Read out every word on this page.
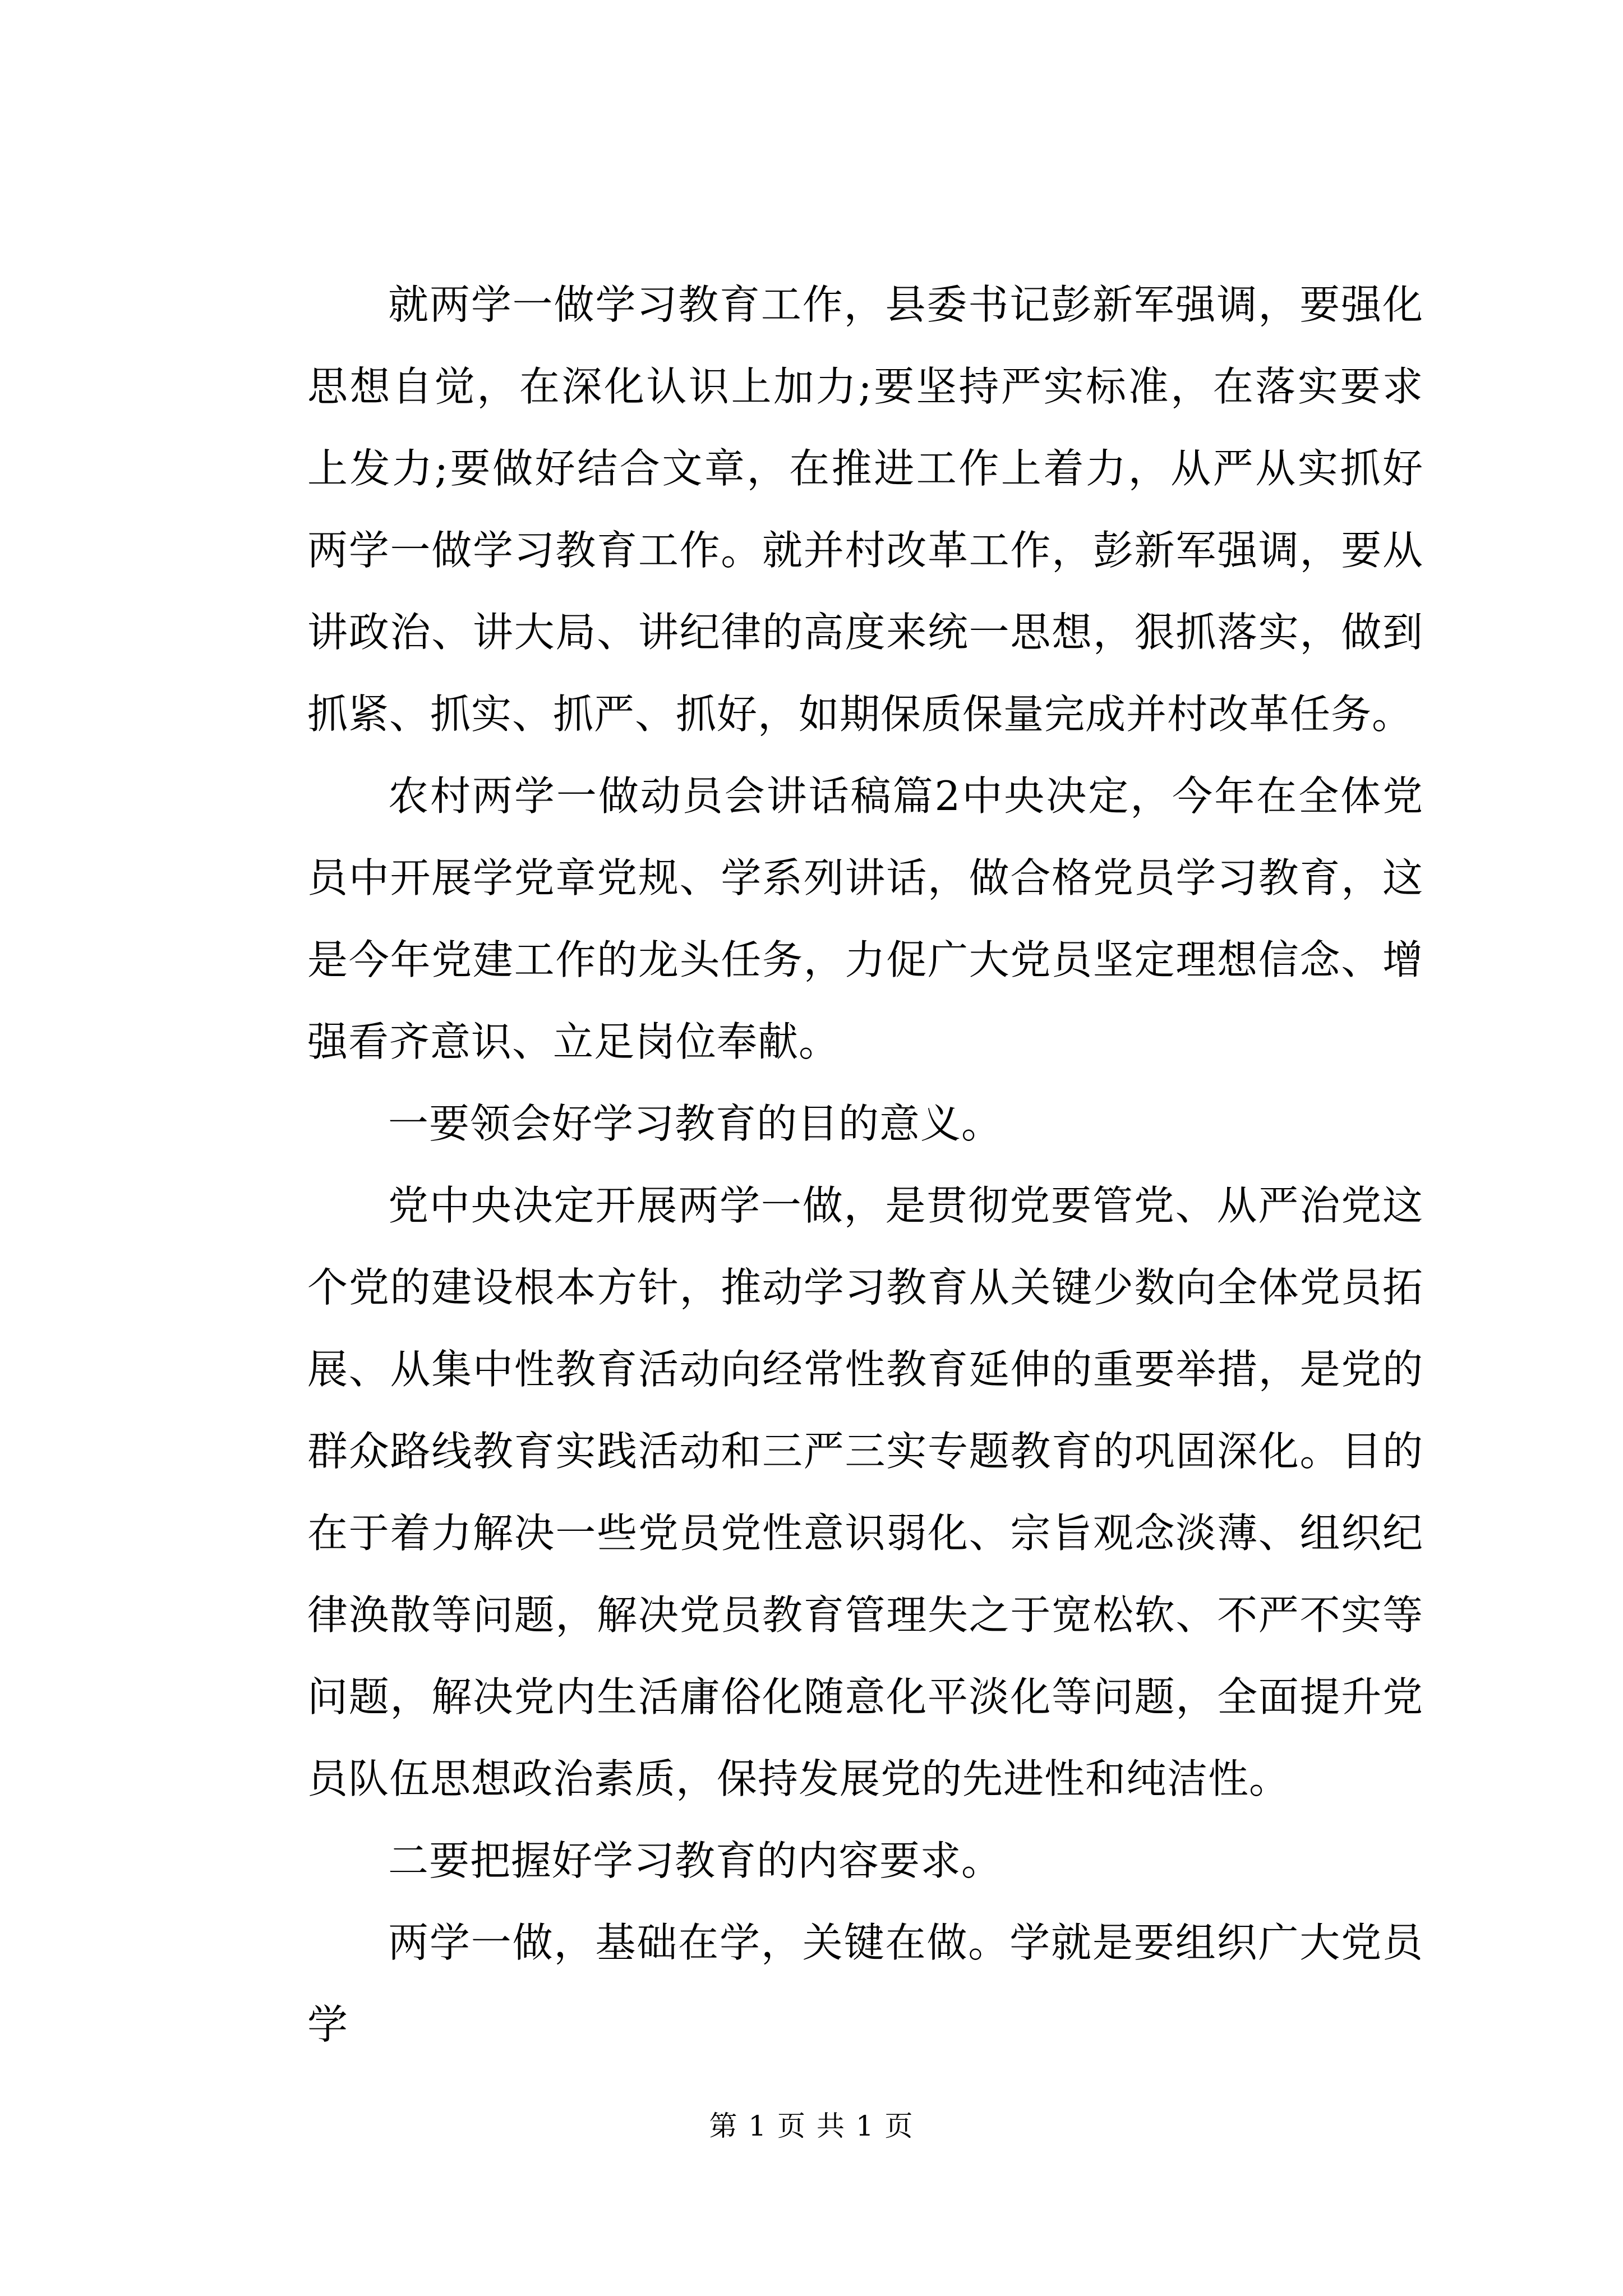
就两学一做学习教育工作，县委书记彭新军强调，要强化思想自觉，在深化认识上加力;要坚持严实标准，在落实要求上发力;要做好结合文章，在推进工作上着力，从严从实抓好两学一做学习教育工作。就并村改革工作，彭新军强调，要从讲政治、讲大局、讲纪律的高度来统一思想，狠抓落实，做到抓紧、抓实、抓严、抓好，如期保质保量完成并村改革任务。

农村两学一做动员会讲话稿篇2中央决定，今年在全体党员中开展学党章党规、学系列讲话，做合格党员学习教育，这是今年党建工作的龙头任务，力促广大党员坚定理想信念、增强看齐意识、立足岗位奉献。

一要领会好学习教育的目的意义。

党中央决定开展两学一做，是贯彻党要管党、从严治党这个党的建设根本方针，推动学习教育从关键少数向全体党员拓展、从集中性教育活动向经常性教育延伸的重要举措，是党的群众路线教育实践活动和三严三实专题教育的巩固深化。目的在于着力解决一些党员党性意识弱化、宗旨观念淡薄、组织纪律涣散等问题，解决党员教育管理失之于宽松软、不严不实等问题，解决党内生活庸俗化随意化平淡化等问题，全面提升党员队伍思想政治素质，保持发展党的先进性和纯洁性。

二要把握好学习教育的内容要求。

两学一做，基础在学，关键在做。学就是要组织广大党员学

第 1 页 共 1 页
